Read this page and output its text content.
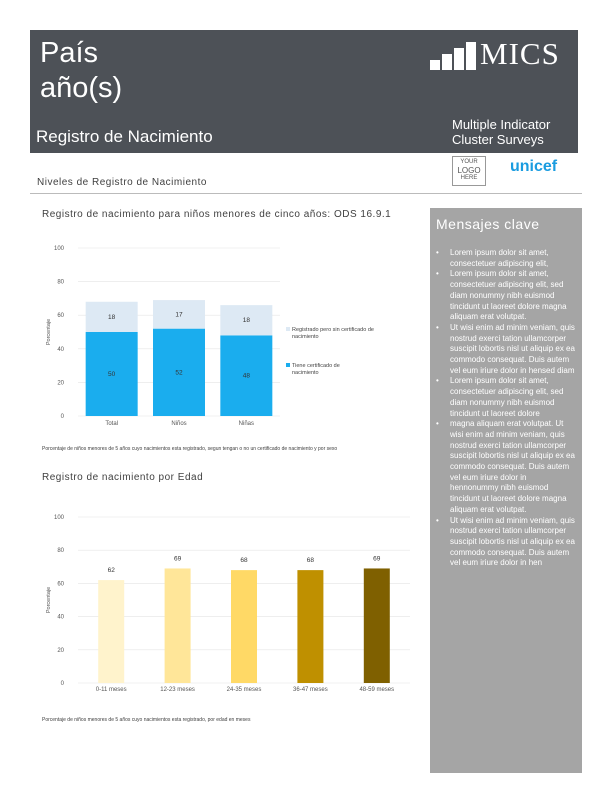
País
año(s)
Registro de Nacimiento
MICS
Multiple Indicator
Cluster Surveys
YOUR
LOGO
HERE
unicef
Niveles de Registro de Nacimiento
Registro de nacimiento para niños menores de cinco años: ODS 16.9.1
0
20
40
60
80
100
Porcentaje
50
18
Total
52
17
Niños
48
18
Niñas
Registrado pero sin certificado de
nacimiento
Tiene certificado de
nacimiento
Porcentaje de niños menores de 5 años cuyo nacimientos esta registrado, segun tengan o no un certificado de nacimiento y por sexo
Registro de nacimiento por Edad
0
20
40
60
80
100
Porcentaje
62
0-11 meses
69
12-23 meses
68
24-35 meses
68
36-47 meses
69
48-59 meses
Porcentaje de niños menores de 5 años cuyo nacimientos esta registrado, por edad en meses
Mensajes clave
• Lorem ipsum dolor sit amet, consectetuer adipiscing elit,
• Lorem ipsum dolor sit amet, consectetuer adipiscing elit, sed diam nonummy nibh euismod tincidunt ut laoreet dolore magna aliquam erat volutpat.
• Ut wisi enim ad minim veniam, quis nostrud exerci tation ullamcorper suscipit lobortis nisl ut aliquip ex ea commodo consequat. Duis autem vel eum iriure dolor in hensed diam
• Lorem ipsum dolor sit amet, consectetuer adipiscing elit, sed diam nonummy nibh euismod tincidunt ut laoreet dolore
• magna aliquam erat volutpat. Ut wisi enim ad minim veniam, quis nostrud exerci tation ullamcorper suscipit lobortis nisl ut aliquip ex ea commodo consequat. Duis autem vel eum iriure dolor in hennonummy nibh euismod tincidunt ut laoreet dolore magna aliquam erat volutpat.
• Ut wisi enim ad minim veniam, quis nostrud exerci tation ullamcorper suscipit lobortis nisl ut aliquip ex ea commodo consequat. Duis autem vel eum iriure dolor in hen
